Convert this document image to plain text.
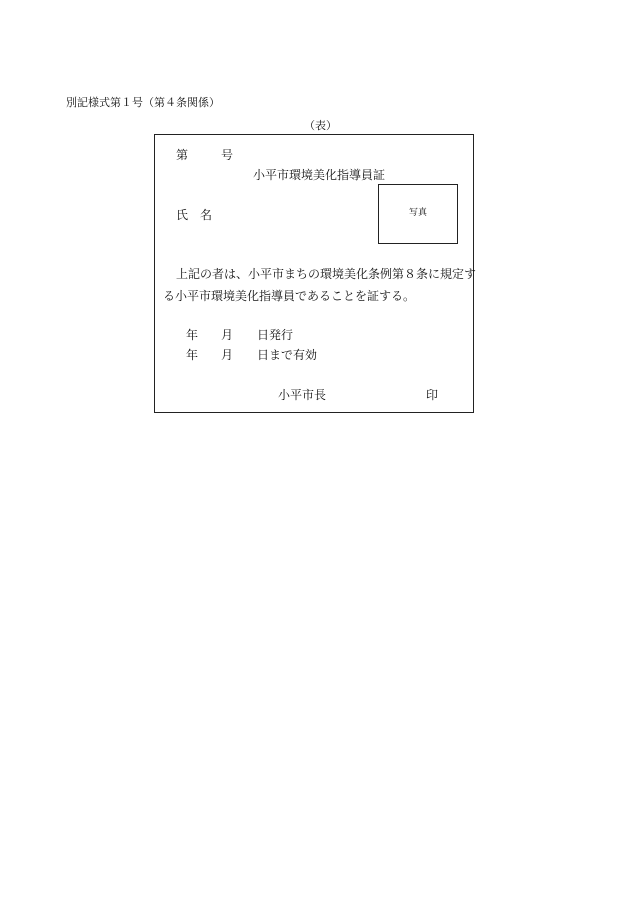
別記様式第１号（第４条関係）
（表）
第	号
小平市環境美化指導員証
氏　名	写真
上記の者は、小平市まちの環境美化条例第８条に規定す
る小平市環境美化指導員であることを証する。
年 月 日発行
年 月 日まで有効
小平市長	印
